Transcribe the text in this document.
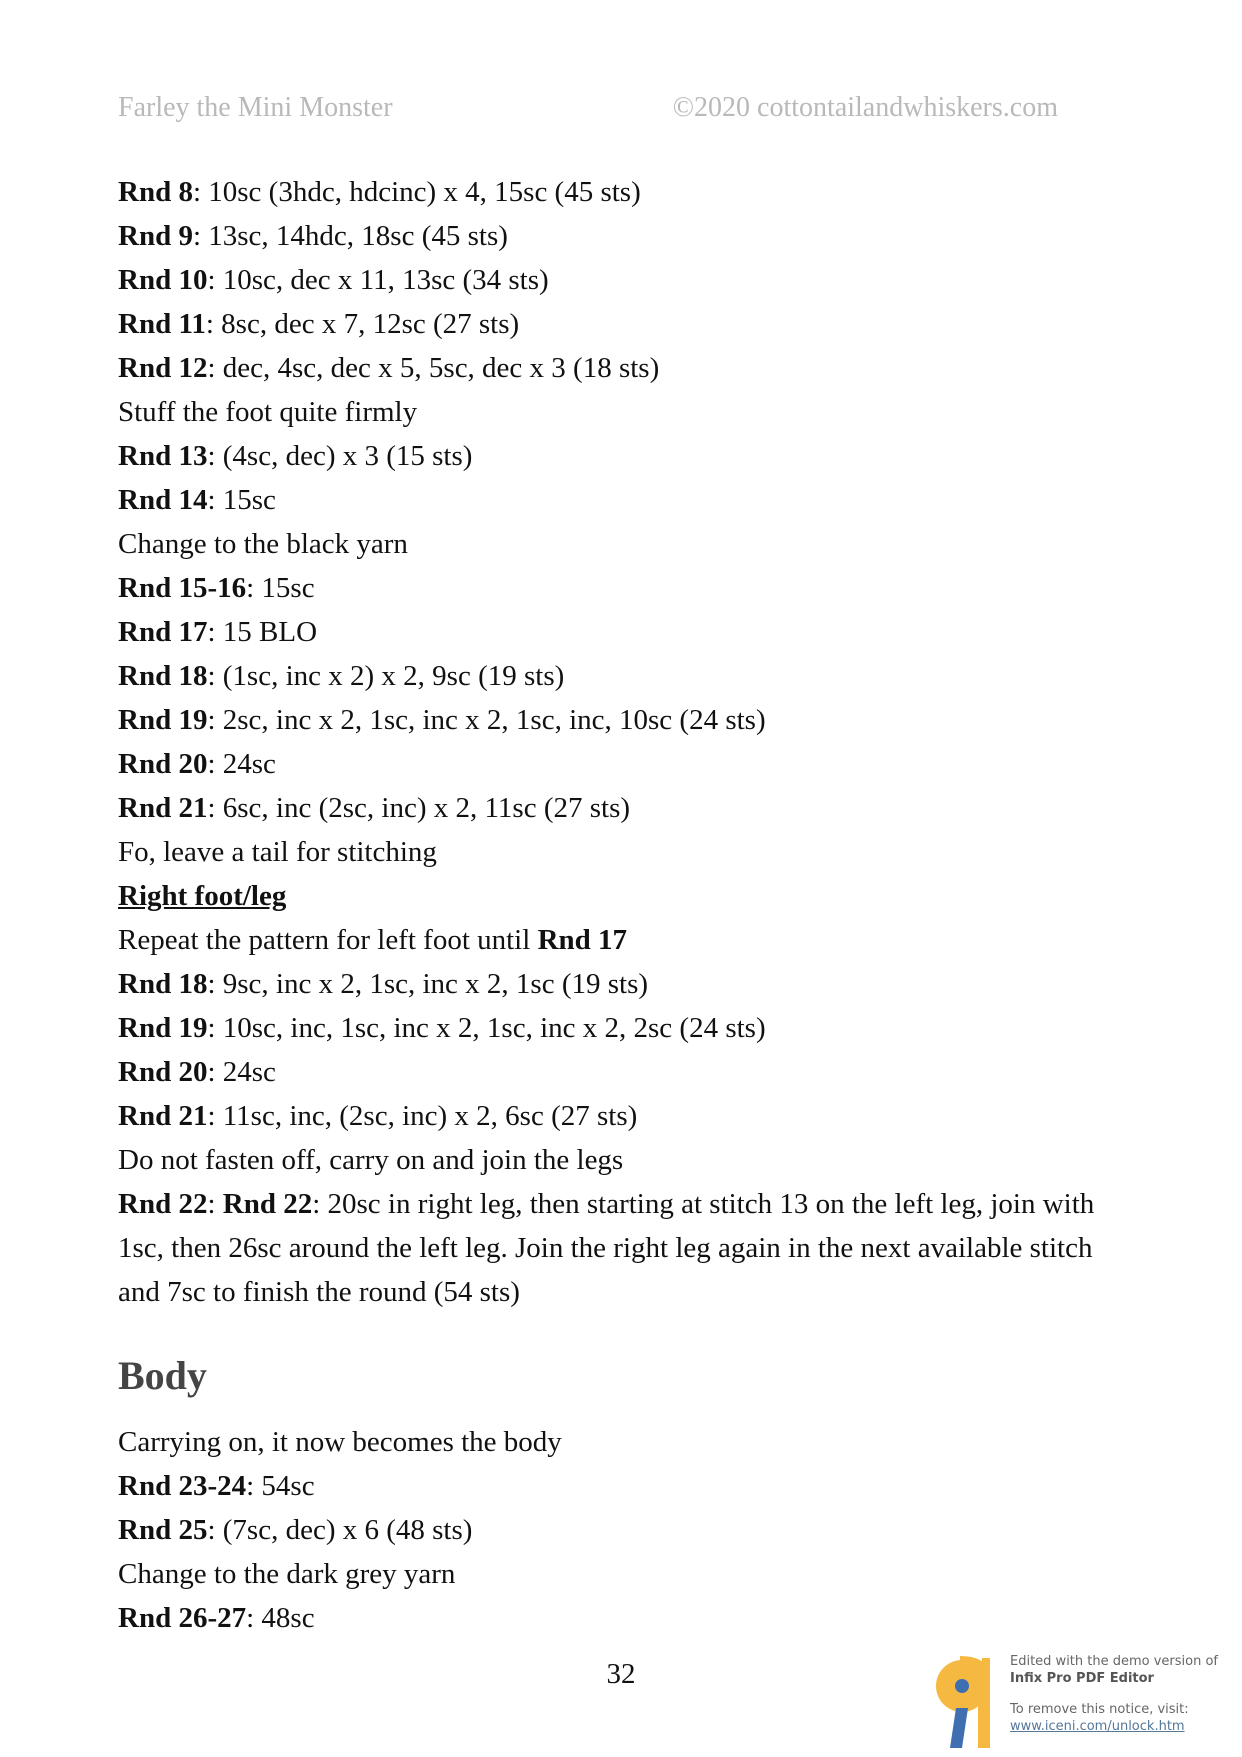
Farley the Mini Monster	©2020 cottontailandwhiskers.com
Rnd 8: 10sc (3hdc, hdcinc) x 4, 15sc (45 sts)
Rnd 9: 13sc, 14hdc, 18sc (45 sts)
Rnd 10: 10sc, dec x 11, 13sc (34 sts)
Rnd 11: 8sc, dec x 7, 12sc (27 sts)
Rnd 12: dec, 4sc, dec x 5, 5sc, dec x 3 (18 sts)
Stuff the foot quite firmly
Rnd 13: (4sc, dec) x 3 (15 sts)
Rnd 14: 15sc
Change to the black yarn
Rnd 15-16: 15sc
Rnd 17: 15 BLO
Rnd 18: (1sc, inc x 2) x 2, 9sc (19 sts)
Rnd 19: 2sc, inc x 2, 1sc, inc x 2, 1sc, inc, 10sc (24 sts)
Rnd 20: 24sc
Rnd 21: 6sc, inc (2sc, inc) x 2, 11sc (27 sts)
Fo, leave a tail for stitching
Right foot/leg
Repeat the pattern for left foot until Rnd 17
Rnd 18: 9sc, inc x 2, 1sc, inc x 2, 1sc (19 sts)
Rnd 19: 10sc, inc, 1sc, inc x 2, 1sc, inc x 2, 2sc (24 sts)
Rnd 20: 24sc
Rnd 21: 11sc, inc, (2sc, inc) x 2, 6sc (27 sts)
Do not fasten off, carry on and join the legs
Rnd 22: Rnd 22: 20sc in right leg, then starting at stitch 13 on the left leg, join with 1sc, then 26sc around the left leg. Join the right leg again in the next available stitch and 7sc to finish the round (54 sts)
Body
Carrying on, it now becomes the body
Rnd 23-24: 54sc
Rnd 25: (7sc, dec) x 6 (48 sts)
Change to the dark grey yarn
Rnd 26-27: 48sc
32	Edited with the demo version of
Infix Pro PDF Editor
To remove this notice, visit:
www.iceni.com/unlock.htm
